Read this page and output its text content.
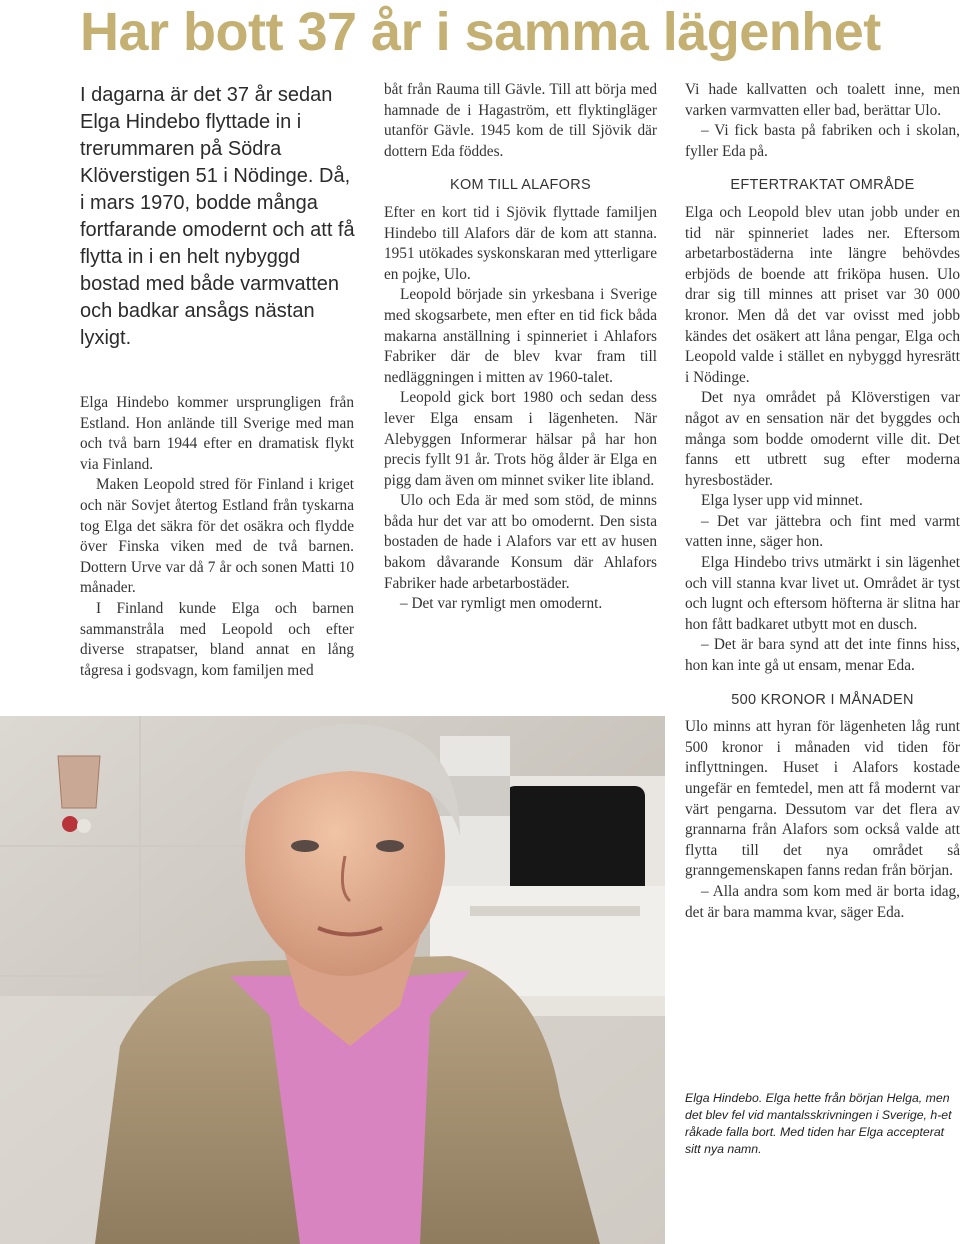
Har bott 37 år i samma lägenhet
I dagarna är det 37 år sedan Elga Hindebo flyttade in i trerummaren på Södra Klöverstigen 51 i Nödinge. Då, i mars 1970, bodde många fortfarande omodernt och att få flytta in i en helt nybyggd bostad med både varmvatten och badkar ansågs nästan lyxigt.

Elga Hindebo kommer ursprungligen från Estland. Hon anlände till Sverige med man och två barn 1944 efter en dramatisk flykt via Finland.

Maken Leopold stred för Finland i kriget och när Sovjet återtog Estland från tyskarna tog Elga det säkra för det osäkra och flydde över Finska viken med de två barnen. Dottern Urve var då 7 år och sonen Matti 10 månader.

I Finland kunde Elga och barnen sammanstråla med Leopold och efter diverse strapatser, bland annat en lång tågresa i godsvagn, kom familjen med

båt från Rauma till Gävle. Till att börja med hamnade de i Hagaström, ett flyktingläger utanför Gävle. 1945 kom de till Sjövik där dottern Eda föddes.

KOM TILL ALAFORS

Efter en kort tid i Sjövik flyttade familjen Hindebo till Alafors där de kom att stanna. 1951 utökades syskonskaran med ytterligare en pojke, Ulo.

Leopold började sin yrkesbana i Sverige med skogsarbete, men efter en tid fick båda makarna anställning i spinneriet i Ahlafors Fabriker där de blev kvar fram till nedläggningen i mitten av 1960-talet.

Leopold gick bort 1980 och sedan dess lever Elga ensam i lägenheten. När Alebyggen Informerar hälsar på har hon precis fyllt 91 år. Trots hög ålder är Elga en pigg dam även om minnet sviker lite ibland.

Ulo och Eda är med som stöd, de minns båda hur det var att bo omodernt. Den sista bostaden de hade i Alafors var ett av husen bakom dåvarande Konsum där Ahlafors Fabriker hade arbetarbostäder.

– Det var rymligt men omodernt.

Vi hade kallvatten och toalett inne, men varken varmvatten eller bad, berättar Ulo.

– Vi fick basta på fabriken och i skolan, fyller Eda på.

EFTERTRAKTAT OMRÅDE

Elga och Leopold blev utan jobb under en tid när spinneriet lades ner. Eftersom arbetarbostäderna inte längre behövdes erbjöds de boende att friköpa husen. Ulo drar sig till minnes att priset var 30 000 kronor. Men då det var ovisst med jobb kändes det osäkert att låna pengar, Elga och Leopold valde i stället en nybyggd hyresrätt i Nödinge.

Det nya området på Klöverstigen var något av en sensation när det byggdes och många som bodde omodernt ville dit. Det fanns ett utbrett sug efter moderna hyresbostäder.

Elga lyser upp vid minnet.

– Det var jättebra och fint med varmt vatten inne, säger hon.

Elga Hindebo trivs utmärkt i sin lägenhet och vill stanna kvar livet ut. Området är tyst och lugnt och eftersom höfterna är slitna har hon fått badkaret utbytt mot en dusch.

– Det är bara synd att det inte finns hiss, hon kan inte gå ut ensam, menar Eda.

500 KRONOR I MÅNADEN

Ulo minns att hyran för lägenheten låg runt 500 kronor i månaden vid tiden för inflyttningen. Huset i Alafors kostade ungefär en femtedel, men att få modernt var värt pengarna. Dessutom var det flera av grannarna från Alafors som också valde att flytta till det nya området så granngemenskapen fanns redan från början.

– Alla andra som kom med är borta idag, det är bara mamma kvar, säger Eda.

Elga Hindebo. Elga hette från början Helga, men det blev fel vid mantalsskrivningen i Sverige, h-et råkade falla bort. Med tiden har Elga accepterat sitt nya namn.
